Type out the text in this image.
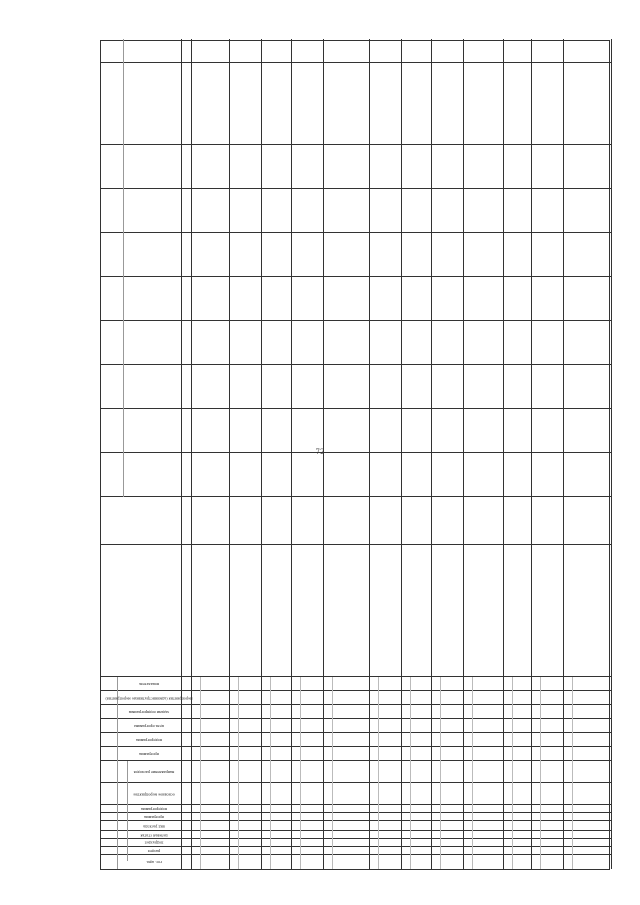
72
гос. адм.
раздел
подраздел
целевая статья
вид расхода
программа
подпрограмма
основное мероприятие
направление расходов
программа
подпрограмма
цель программы
задачи подпрограммы
мероприятия (административные мероприятия)
показатель
